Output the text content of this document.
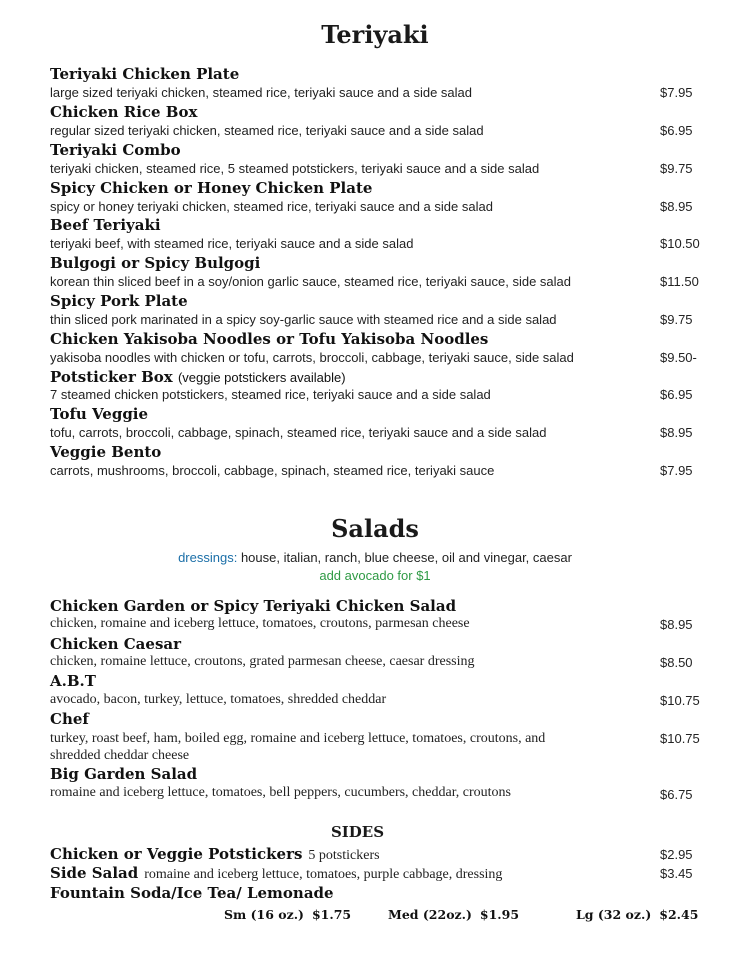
Teriyaki
Teriyaki Chicken Plate
large sized teriyaki chicken, steamed rice, teriyaki sauce and a side salad	$7.95
Chicken Rice Box
regular sized teriyaki chicken, steamed rice, teriyaki sauce and a side salad	$6.95
Teriyaki Combo
teriyaki chicken, steamed rice, 5 steamed potstickers, teriyaki sauce and a side salad	$9.75
Spicy Chicken or Honey Chicken Plate
spicy or honey teriyaki chicken, steamed rice, teriyaki sauce and a side salad	$8.95
Beef Teriyaki
teriyaki beef, with steamed rice, teriyaki sauce and a side salad	$10.50
Bulgogi or Spicy Bulgogi
korean thin sliced beef in a soy/onion garlic sauce, steamed rice, teriyaki sauce, side salad	$11.50
Spicy Pork Plate
thin sliced pork marinated in a spicy soy-garlic sauce with steamed rice and a side salad	$9.75
Chicken Yakisoba Noodles or Tofu Yakisoba Noodles
yakisoba noodles with chicken or tofu, carrots, broccoli, cabbage, teriyaki sauce, side salad	$9.50-
Potsticker Box (veggie potstickers available)
7 steamed chicken potstickers, steamed rice, teriyaki sauce and a side salad	$6.95
Tofu Veggie
tofu, carrots, broccoli, cabbage, spinach, steamed rice, teriyaki sauce and a side salad	$8.95
Veggie Bento
carrots, mushrooms, broccoli, cabbage, spinach, steamed rice, teriyaki sauce	$7.95
Salads
dressings: house, italian, ranch, blue cheese, oil and vinegar, caesar
add avocado for $1
Chicken Garden or Spicy Teriyaki Chicken Salad
chicken, romaine and iceberg lettuce, tomatoes, croutons, parmesan cheese	$8.95
Chicken Caesar
chicken, romaine lettuce, croutons, grated parmesan cheese, caesar dressing	$8.50
A.B.T
avocado, bacon, turkey, lettuce, tomatoes, shredded cheddar	$10.75
Chef
turkey, roast beef, ham, boiled egg, romaine and iceberg lettuce, tomatoes, croutons, and shredded cheddar cheese
$10.75
Big Garden Salad
romaine and iceberg lettuce, tomatoes, bell peppers, cucumbers, cheddar, croutons	$6.75
SIDES
Chicken or Veggie Potstickers 5 potstickers	$2.95
Side Salad romaine and iceberg lettuce, tomatoes, purple cabbage, dressing	$3.45
Fountain Soda/Ice Tea/ Lemonade
Sm (16 oz.) $1.75	Med (22oz.) $1.95	Lg (32 oz.) $2.45
